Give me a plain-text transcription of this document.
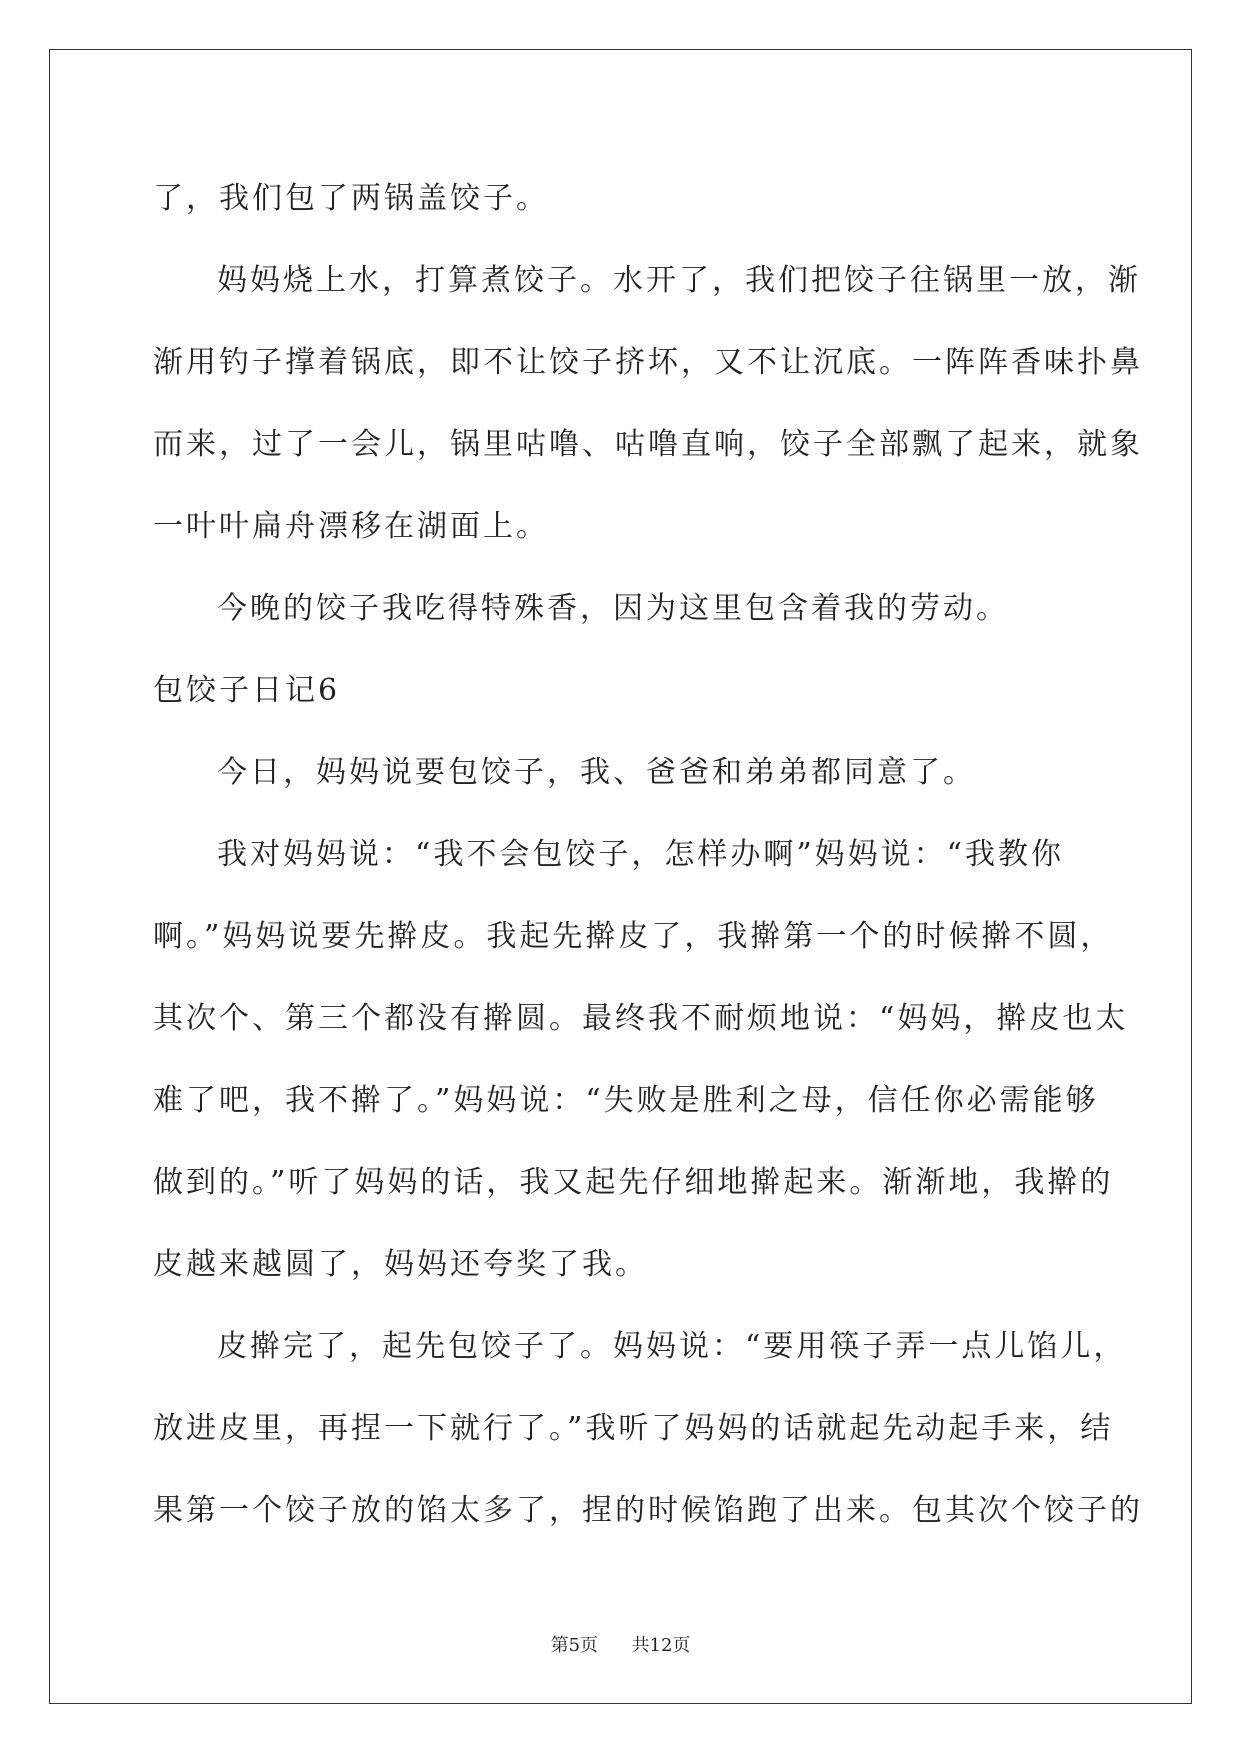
了，我们包了两锅盖饺子。
妈妈烧上水，打算煮饺子。水开了，我们把饺子往锅里一放，渐
渐用钓子撑着锅底，即不让饺子挤坏，又不让沉底。一阵阵香味扑鼻
而来，过了一会儿，锅里咕噜、咕噜直响，饺子全部飘了起来，就象
一叶叶扁舟漂移在湖面上。
今晚的饺子我吃得特殊香，因为这里包含着我的劳动。
包饺子日记6
今日，妈妈说要包饺子，我、爸爸和弟弟都同意了。
我对妈妈说：“我不会包饺子，怎样办啊”妈妈说：“我教你
啊。”妈妈说要先擀皮。我起先擀皮了，我擀第一个的时候擀不圆，
其次个、第三个都没有擀圆。最终我不耐烦地说：“妈妈，擀皮也太
难了吧，我不擀了。”妈妈说：“失败是胜利之母，信任你必需能够
做到的。”听了妈妈的话，我又起先仔细地擀起来。渐渐地，我擀的
皮越来越圆了，妈妈还夸奖了我。
皮擀完了，起先包饺子了。妈妈说：“要用筷子弄一点儿馅儿，
放进皮里，再捏一下就行了。”我听了妈妈的话就起先动起手来，结
果第一个饺子放的馅太多了，捏的时候馅跑了出来。包其次个饺子的
第5页 共12页
